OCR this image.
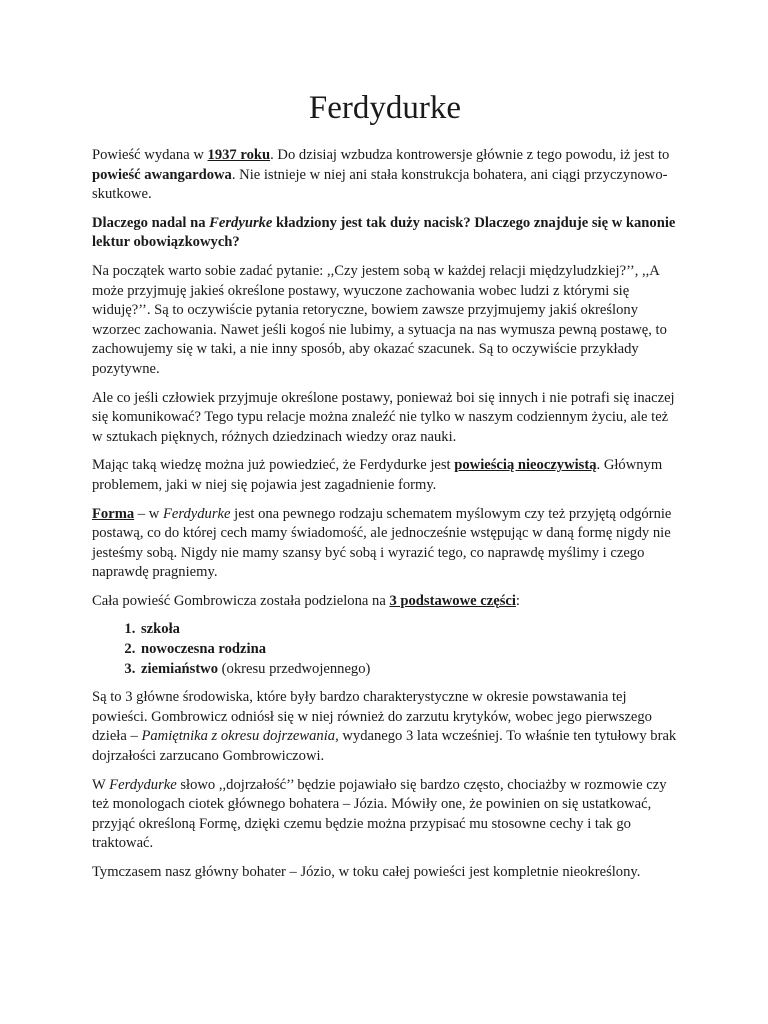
Ferdydurke

Powieść wydana w 1937 roku. Do dzisiaj wzbudza kontrowersje głównie z tego powodu, iż jest to powieść awangardowa. Nie istnieje w niej ani stała konstrukcja bohatera, ani ciągi przyczynowo-skutkowe.

Dlaczego nadal na Ferdyurke kładziony jest tak duży nacisk? Dlaczego znajduje się w kanonie lektur obowiązkowych?

Na początek warto sobie zadać pytanie: ,,Czy jestem sobą w każdej relacji międzyludzkiej?’’, ,,A może przyjmuję jakieś określone postawy, wyuczone zachowania wobec ludzi z którymi się widuję?’’. Są to oczywiście pytania retoryczne, bowiem zawsze przyjmujemy jakiś określony wzorzec zachowania. Nawet jeśli kogoś nie lubimy, a sytuacja na nas wymusza pewną postawę, to zachowujemy się w taki, a nie inny sposób, aby okazać szacunek. Są to oczywiście przykłady pozytywne.

Ale co jeśli człowiek przyjmuje określone postawy, ponieważ boi się innych i nie potrafi się inaczej się komunikować? Tego typu relacje można znaleźć nie tylko w naszym codziennym życiu, ale też w sztukach pięknych, różnych dziedzinach wiedzy oraz nauki.

Mając taką wiedzę można już powiedzieć, że Ferdydurke jest powieścią nieoczywistą. Głównym problemem, jaki w niej się pojawia jest zagadnienie formy.

Forma – w Ferdydurke jest ona pewnego rodzaju schematem myślowym czy też przyjętą odgórnie postawą, co do której cech mamy świadomość, ale jednocześnie wstępując w daną formę nigdy nie jesteśmy sobą. Nigdy nie mamy szansy być sobą i wyrazić tego, co naprawdę myślimy i czego naprawdę pragniemy.

Cała powieść Gombrowicza została podzielona na 3 podstawowe części:

1. szkoła
2. nowoczesna rodzina
3. ziemiaństwo (okresu przedwojennego)

Są to 3 główne środowiska, które były bardzo charakterystyczne w okresie powstawania tej powieści. Gombrowicz odniósł się w niej również do zarzutu krytyków, wobec jego pierwszego dzieła – Pamiętnika z okresu dojrzewania, wydanego 3 lata wcześniej. To właśnie ten tytułowy brak dojrzałości zarzucano Gombrowiczowi.

W Ferdydurke słowo ,,dojrzałość’’ będzie pojawiało się bardzo często, chociażby w rozmowie czy też monologach ciotek głównego bohatera – Józia. Mówiły one, że powinien on się ustatkować, przyjąć określoną Formę, dzięki czemu będzie można przypisać mu stosowne cechy i tak go traktować.

Tymczasem nasz główny bohater – Józio, w toku całej powieści jest kompletnie nieokreślony.
